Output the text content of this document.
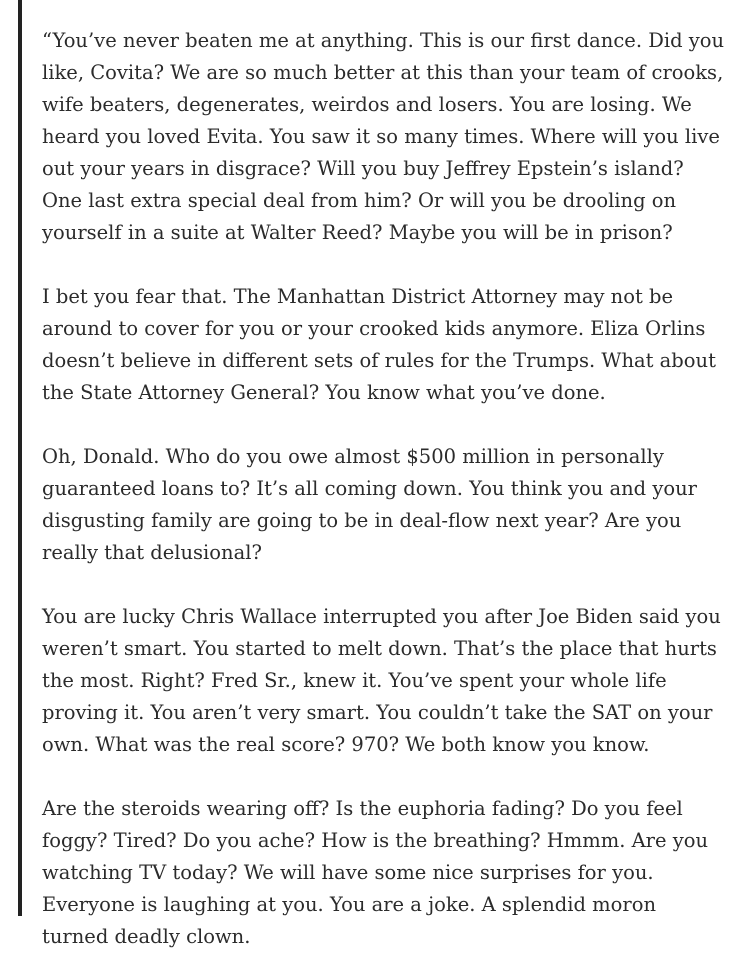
“You’ve never beaten me at anything. This is our first dance. Did you like, Covita? We are so much better at this than your team of crooks, wife beaters, degenerates, weirdos and losers. You are losing. We heard you loved Evita. You saw it so many times. Where will you live out your years in disgrace? Will you buy Jeffrey Epstein’s island? One last extra special deal from him? Or will you be drooling on yourself in a suite at Walter Reed? Maybe you will be in prison?

I bet you fear that. The Manhattan District Attorney may not be around to cover for you or your crooked kids anymore. Eliza Orlins doesn’t believe in different sets of rules for the Trumps. What about the State Attorney General? You know what you’ve done.

Oh, Donald. Who do you owe almost $500 million in personally guaranteed loans to? It’s all coming down. You think you and your disgusting family are going to be in deal-flow next year? Are you really that delusional?

You are lucky Chris Wallace interrupted you after Joe Biden said you weren’t smart. You started to melt down. That’s the place that hurts the most. Right? Fred Sr., knew it. You’ve spent your whole life proving it. You aren’t very smart. You couldn’t take the SAT on your own. What was the real score? 970? We both know you know.

Are the steroids wearing off? Is the euphoria fading? Do you feel foggy? Tired? Do you ache? How is the breathing? Hmmm. Are you watching TV today? We will have some nice surprises for you. Everyone is laughing at you. You are a joke. A splendid moron turned deadly clown.
